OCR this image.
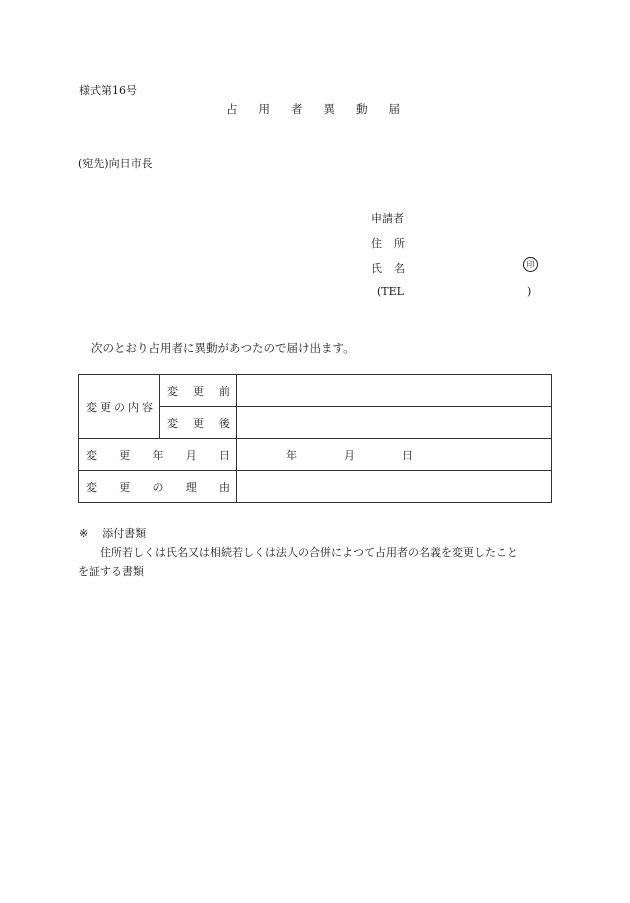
様式第16号
占 用 者 異 動 届
(宛先)向日市長
申請者
住 所
氏 名	印
(TEL	)
次のとおり占用者に異動があつたので届け出ます。
変 更 の 内 容	変 更 前	

	変 更 後	

変 更 年 月 日		年 月 日

変 更 の 理 由		

※ 添付書類
住所若しくは氏名又は相続若しくは法人の合併によつて占用者の名義を変更したこと
を証する書類
